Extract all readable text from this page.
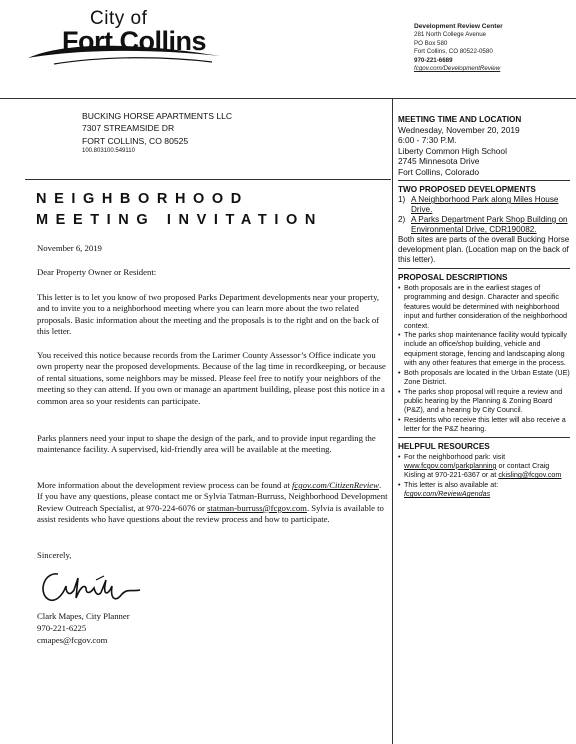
City of
Fort Collins	Development Review Center
281 North College Avenue
PO Box 580
Fort Collins, CO 80522-0580
970-221-6689
fcgov.com/DevelopmentReview
BUCKING HORSE APARTMENTS LLC
7307 STREAMSIDE DR
FORT COLLINS, CO 80525
100.803100.549110
NEIGHBORHOOD
MEETING INVITATION
November 6, 2019
Dear Property Owner or Resident:
This letter is to let you know of two proposed Parks Department developments near your property, and to invite you to a neighborhood meeting where you can learn more about the two related proposals. Basic information about the meeting and the proposals is to the right and on the back of this letter.
You received this notice because records from the Larimer County Assessor’s Office indicate you own property near the proposed developments. Because of the lag time in recordkeeping, or because of rental situations, some neighbors may be missed. Please feel free to notify your neighbors of the meeting so they can attend. If you own or manage an apartment building, please post this notice in a common area so your residents can participate.
Parks planners need your input to shape the design of the park, and to provide input regarding the maintenance facility. A supervised, kid-friendly area will be available at the meeting.
More information about the development review process can be found at fcgov.com/CitizenReview. If you have any questions, please contact me or Sylvia Tatman-Burruss, Neighborhood Development Review Outreach Specialist, at 970-224-6076 or statman-burruss@fcgov.com. Sylvia is available to assist residents who have questions about the review process and how to participate.
Sincerely,
Clark Mapes, City Planner
970-221-6225
cmapes@fcgov.com
MEETING TIME AND LOCATION
Wednesday, November 20, 2019
6:00 - 7:30 P.M.
Liberty Common High School
2745 Minnesota Drive
Fort Collins, Colorado
TWO PROPOSED DEVELOPMENTS
1) A Neighborhood Park along Miles House Drive.
2) A Parks Department Park Shop Building on Environmental Drive, CDR190082.
Both sites are parts of the overall Bucking Horse development plan. (Location map on the back of this letter).
PROPOSAL DESCRIPTIONS
• Both proposals are in the earliest stages of programming and design. Character and specific features would be determined with neighborhood input and further consideration of the neighborhood context.
• The parks shop maintenance facility would typically include an office/shop building, vehicle and equipment storage, fencing and landscaping along with any other features that emerge in the process.
• Both proposals are located in the Urban Estate (UE) Zone District.
• The parks shop proposal will require a review and public hearing by the Planning & Zoning Board (P&Z), and a hearing by City Council.
• Residents who receive this letter will also receive a letter for the P&Z hearing.
HELPFUL RESOURCES
• For the neighborhood park: visit www.fcgov.com/parkplanning or contact Craig Kisling at 970-221-6367 or at ckisling@fcgov.com
• This letter is also available at: fcgov.com/ReviewAgendas
